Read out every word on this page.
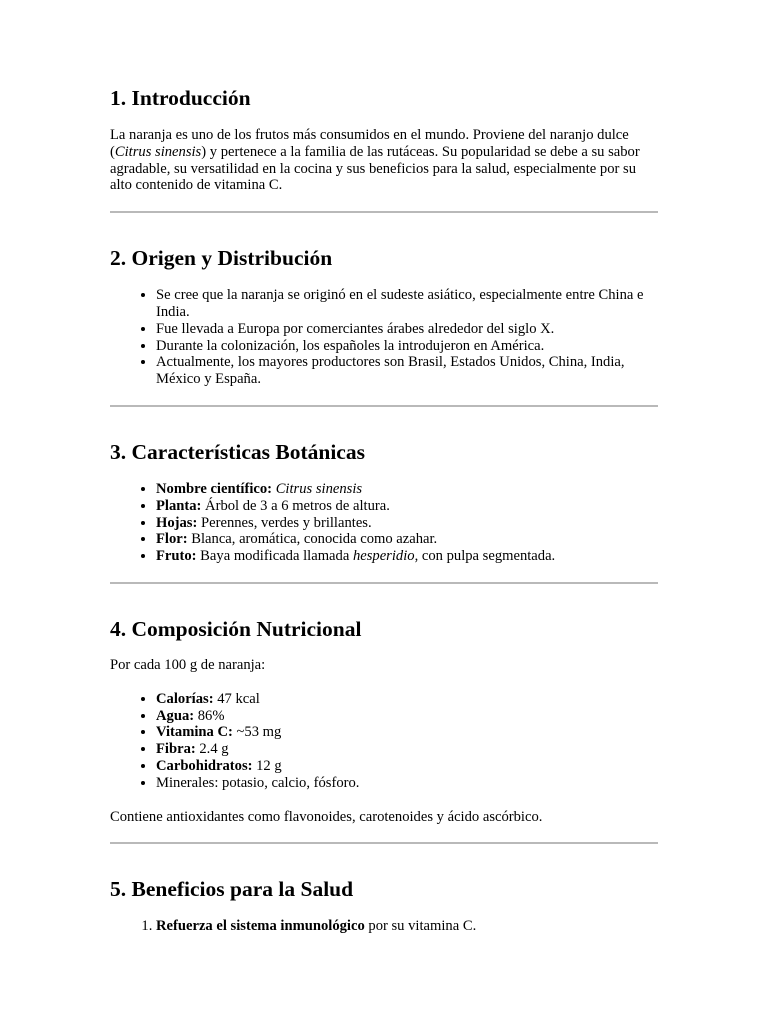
1. Introducción

La naranja es uno de los frutos más consumidos en el mundo. Proviene del naranjo dulce (Citrus sinensis) y pertenece a la familia de las rutáceas. Su popularidad se debe a su sabor agradable, su versatilidad en la cocina y sus beneficios para la salud, especialmente por su alto contenido de vitamina C.

2. Origen y Distribución
• Se cree que la naranja se originó en el sudeste asiático, especialmente entre China e India.
• Fue llevada a Europa por comerciantes árabes alrededor del siglo X.
• Durante la colonización, los españoles la introdujeron en América.
• Actualmente, los mayores productores son Brasil, Estados Unidos, China, India, México y España.
3. Características Botánicas
• Nombre científico: Citrus sinensis
• Planta: Árbol de 3 a 6 metros de altura.
• Hojas: Perennes, verdes y brillantes.
• Flor: Blanca, aromática, conocida como azahar.
• Fruto: Baya modificada llamada hesperidio, con pulpa segmentada.
4. Composición Nutricional

Por cada 100 g de naranja:

• Calorías: 47 kcal
• Agua: 86%
• Vitamina C: ~53 mg
• Fibra: 2.4 g
• Carbohidratos: 12 g
• Minerales: potasio, calcio, fósforo.

Contiene antioxidantes como flavonoides, carotenoides y ácido ascórbico.

5. Beneficios para la Salud
1. Refuerza el sistema inmunológico por su vitamina C.
